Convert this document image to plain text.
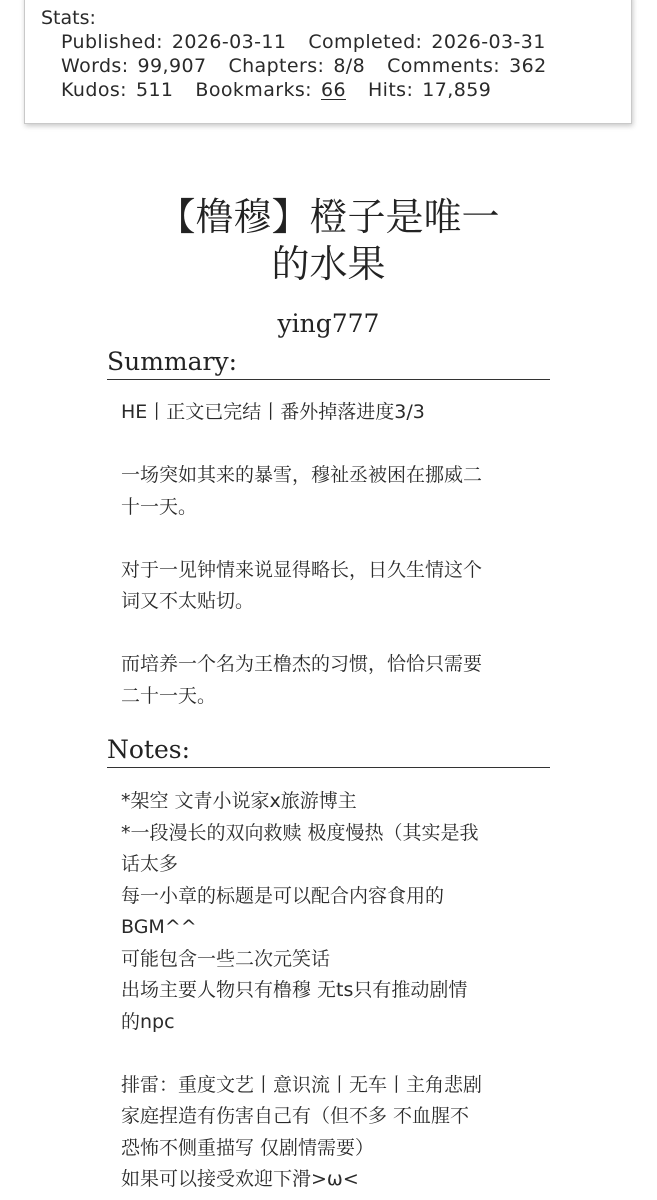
Stats:
Published: 2026-03-11 Completed: 2026-03-31
Words: 99,907 Chapters: 8/8 Comments: 362
Kudos: 511 Bookmarks: 66 Hits: 17,859
【橹穆】橙子是唯一
的水果
ying777
Summary:

HE丨正文已完结丨番外掉落进度3/3

一场突如其来的暴雪，穆祉丞被困在挪威二
十一天。

对于一见钟情来说显得略长，日久生情这个
词又不太贴切。

而培养一个名为王橹杰的习惯，恰恰只需要
二十一天。

Notes:

*架空 文青小说家x旅游博主
*一段漫长的双向救赎 极度慢热（其实是我
话太多
每一小章的标题是可以配合内容食用的
BGM^^
可能包含一些二次元笑话
出场主要人物只有橹穆 无ts只有推动剧情
的npc

排雷：重度文艺丨意识流丨无车丨主角悲剧
家庭捏造有伤害自己有（但不多 不血腥不
恐怖不侧重描写 仅剧情需要）
如果可以接受欢迎下滑>ω<
